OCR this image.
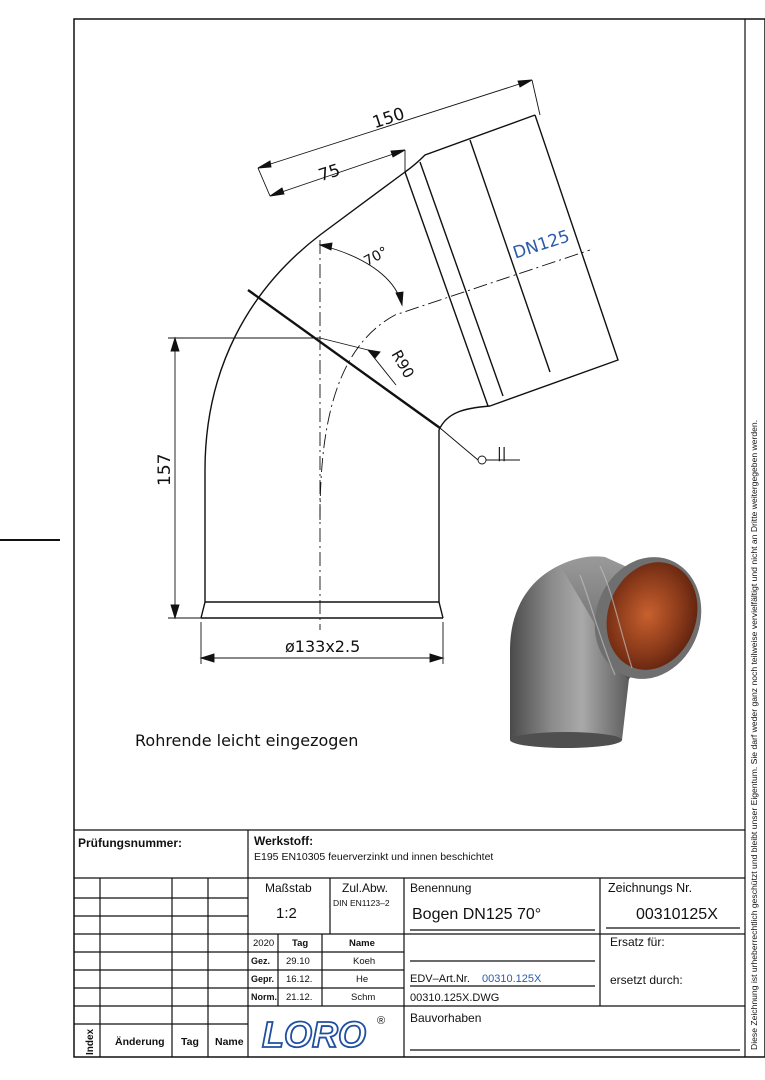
150
75
70°	DN125
R90
157
ø133x2.5
||
Rohrende leicht eingezogen	Diese Zeichnung ist urheberrechtlich geschützt und bleibt unser Eigentum. Sie darf weder ganz noch teilweise vervielfältigt und nicht an Dritte weitergegeben werden.
Prüfungsnummer:	Werkstoff:
E195 EN10305 feuerverzinkt und innen beschichtet
Maßstab
1:2
Zul.Abw.
DIN EN1123–2
Benennung
Bogen DN125 70°
Zeichnungs Nr.
00310125X
2020 Tag	Name
Gez. 29.10	Koeh
Gepr. 16.12.	He
Norm. 21.12.	Schm
Ersatz für:
ersetzt durch:
EDV–Art.Nr. 00310.125X
00310.125X.DWG
Bauvorhaben
LORO ®
Index Änderung Tag Name
